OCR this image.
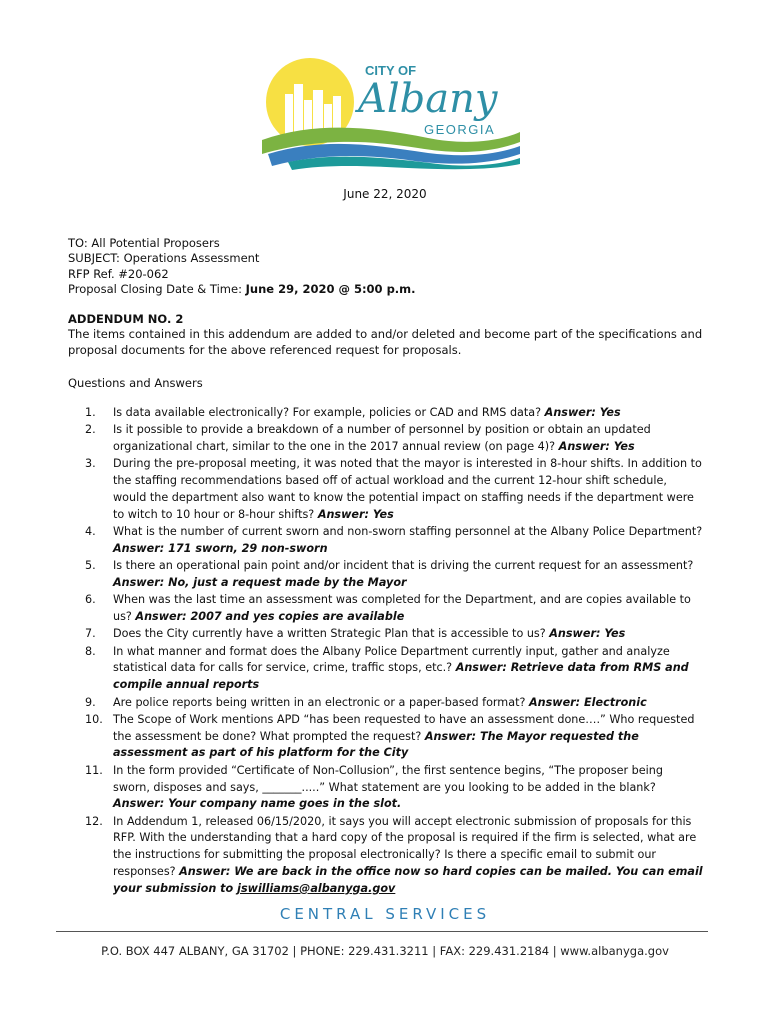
CITY OF
Albany
GEORGIA
June 22, 2020
TO: All Potential Proposers
SUBJECT: Operations Assessment
RFP Ref. #20-062
Proposal Closing Date & Time: June 29, 2020 @ 5:00 p.m.
ADDENDUM NO. 2
The items contained in this addendum are added to and/or deleted and become part of the specifications and proposal documents for the above referenced request for proposals.
Questions and Answers
1. Is data available electronically? For example, policies or CAD and RMS data? Answer: Yes
2. Is it possible to provide a breakdown of a number of personnel by position or obtain an updated organizational chart, similar to the one in the 2017 annual review (on page 4)? Answer: Yes
3. During the pre-proposal meeting, it was noted that the mayor is interested in 8-hour shifts. In addition to the staffing recommendations based off of actual workload and the current 12-hour shift schedule, would the department also want to know the potential impact on staffing needs if the department were to witch to 10 hour or 8-hour shifts? Answer: Yes
4. What is the number of current sworn and non-sworn staffing personnel at the Albany Police Department? Answer: 171 sworn, 29 non-sworn
5. Is there an operational pain point and/or incident that is driving the current request for an assessment? Answer: No, just a request made by the Mayor
6. When was the last time an assessment was completed for the Department, and are copies available to us? Answer: 2007 and yes copies are available
7. Does the City currently have a written Strategic Plan that is accessible to us? Answer: Yes
8. In what manner and format does the Albany Police Department currently input, gather and analyze statistical data for calls for service, crime, traffic stops, etc.? Answer: Retrieve data from RMS and compile annual reports
9. Are police reports being written in an electronic or a paper-based format? Answer: Electronic
10. The Scope of Work mentions APD “has been requested to have an assessment done….” Who requested the assessment be done? What prompted the request? Answer: The Mayor requested the assessment as part of his platform for the City
11. In the form provided “Certificate of Non-Collusion”, the first sentence begins, “The proposer being sworn, disposes and says, _______.....” What statement are you looking to be added in the blank? Answer: Your company name goes in the slot.
12. In Addendum 1, released 06/15/2020, it says you will accept electronic submission of proposals for this RFP. With the understanding that a hard copy of the proposal is required if the firm is selected, what are the instructions for submitting the proposal electronically? Is there a specific email to submit our responses? Answer: We are back in the office now so hard copies can be mailed. You can email your submission to jswilliams@albanyga.gov
CENTRAL SERVICES
P.O. BOX 447 ALBANY, GA 31702 | PHONE: 229.431.3211 | FAX: 229.431.2184 | www.albanyga.gov
